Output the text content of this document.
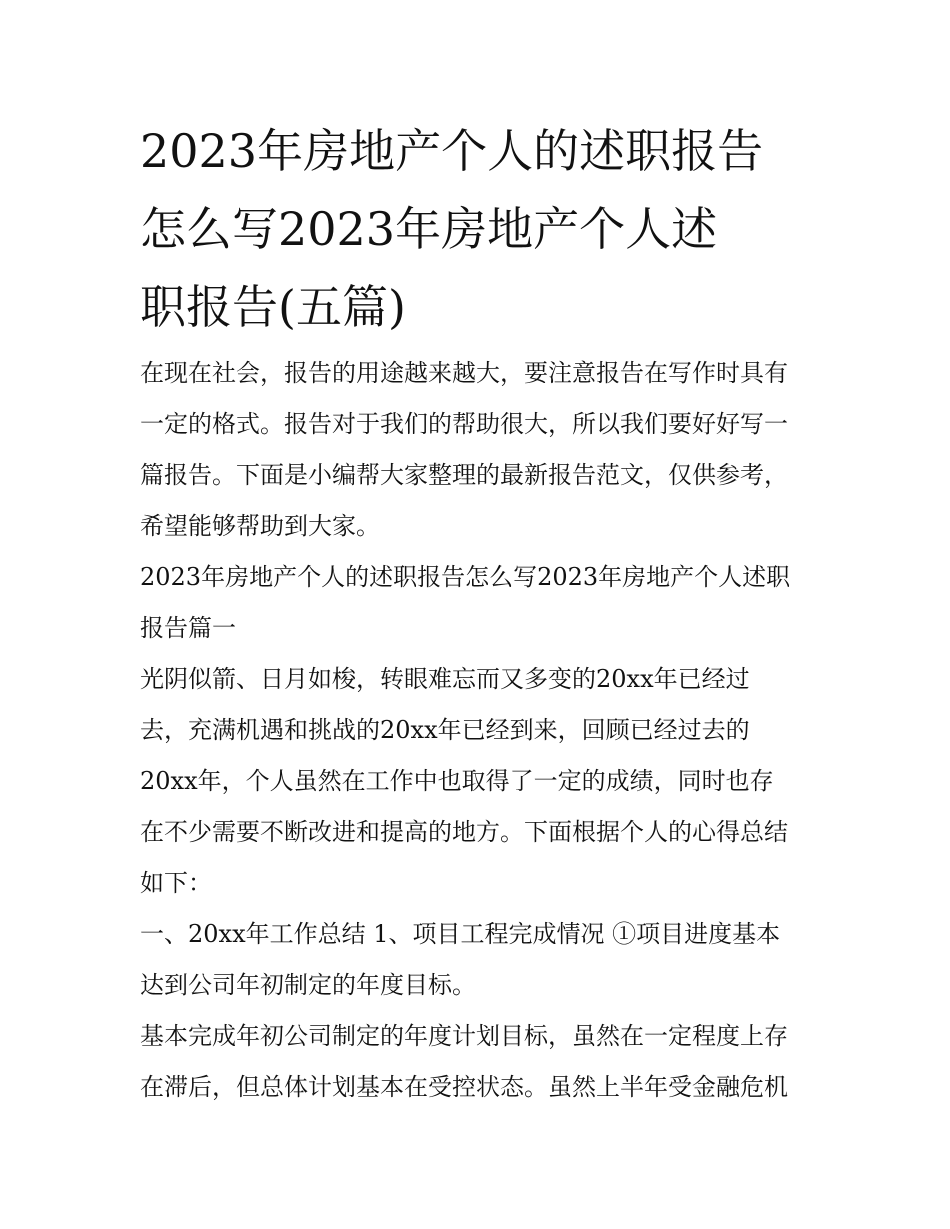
2023年房地产个人的述职报告

怎么写2023年房地产个人述

职报告(五篇)

在现在社会，报告的用途越来越大，要注意报告在写作时具有

一定的格式。报告对于我们的帮助很大，所以我们要好好写一

篇报告。下面是小编帮大家整理的最新报告范文，仅供参考，

希望能够帮助到大家。

2023年房地产个人的述职报告怎么写2023年房地产个人述职

报告篇一

光阴似箭、日月如梭，转眼难忘而又多变的20xx年已经过

去，充满机遇和挑战的20xx年已经到来，回顾已经过去的

20xx年，个人虽然在工作中也取得了一定的成绩，同时也存

在不少需要不断改进和提高的地方。下面根据个人的心得总结

如下：

一、20xx年工作总结 1、项目工程完成情况 ①项目进度基本

达到公司年初制定的年度目标。

基本完成年初公司制定的年度计划目标，虽然在一定程度上存

在滞后，但总体计划基本在受控状态。虽然上半年受金融危机
